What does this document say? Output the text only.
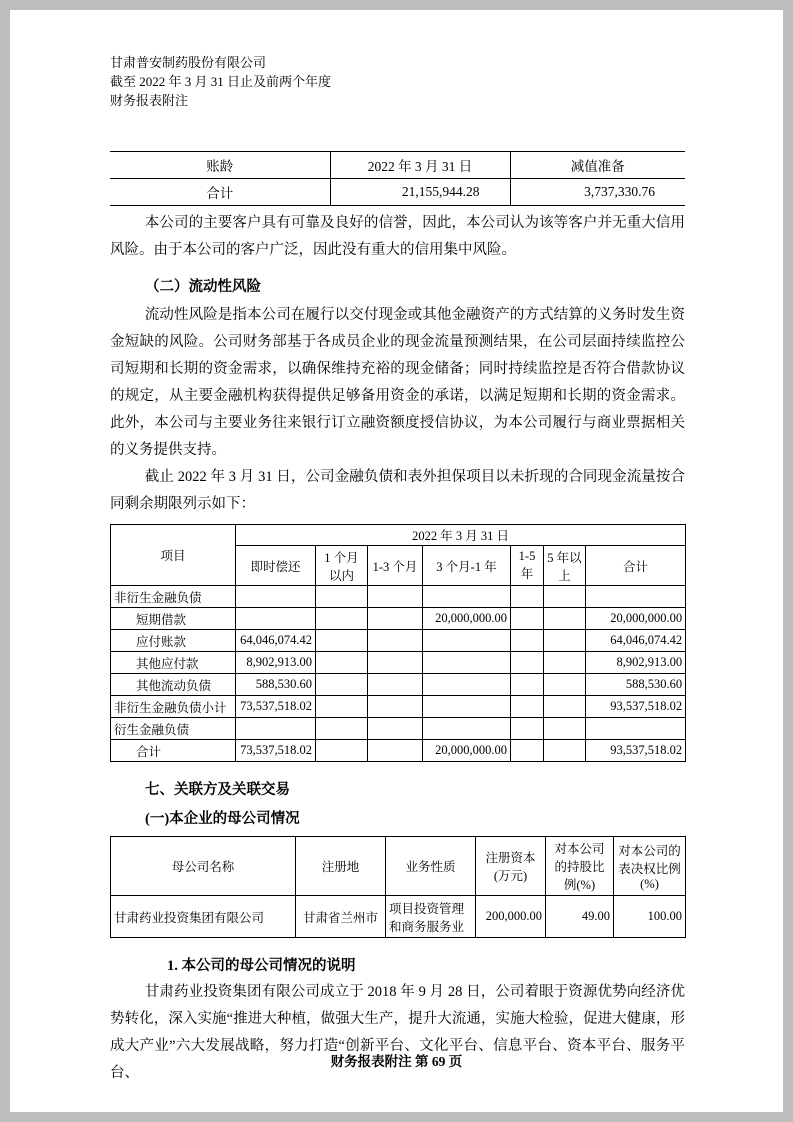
甘肃普安制药股份有限公司
截至 2022 年 3 月 31 日止及前两个年度
财务报表附注
账龄	2022 年 3 月 31 日	减值准备
合计	21,155,944.28	3,737,330.76

本公司的主要客户具有可靠及良好的信誉，因此，本公司认为该等客户并无重大信用风险。由于本公司的客户广泛，因此没有重大的信用集中风险。

（二）流动性风险

流动性风险是指本公司在履行以交付现金或其他金融资产的方式结算的义务时发生资金短缺的风险。公司财务部基于各成员企业的现金流量预测结果，在公司层面持续监控公司短期和长期的资金需求，以确保维持充裕的现金储备；同时持续监控是否符合借款协议的规定，从主要金融机构获得提供足够备用资金的承诺，以满足短期和长期的资金需求。此外，本公司与主要业务往来银行订立融资额度授信协议，为本公司履行与商业票据相关的义务提供支持。

截止 2022 年 3 月 31 日，公司金融负债和表外担保项目以未折现的合同现金流量按合同剩余期限列示如下：

项目	2022 年 3 月 31 日						
	即时偿还	1 个月以内	1-3 个月	3 个月-1 年	1-5 年	5 年以上	合计
非衍生金融负债							
短期借款				20,000,000.00			20,000,000.00
应付账款	64,046,074.42						64,046,074.42
其他应付款	8,902,913.00						8,902,913.00
其他流动负债	588,530.60						588,530.60
非衍生金融负债小计	73,537,518.02						93,537,518.02
衍生金融负债							
合计	73,537,518.02			20,000,000.00			93,537,518.02
七、关联方及关联交易
(一)本企业的母公司情况
母公司名称	注册地	业务性质	注册资本(万元)	对本公司的持股比例(%)	对本公司的表决权比例(%)
甘肃药业投资集团有限公司	甘肃省兰州市	项目投资管理和商务服务业	200,000.00	49.00	100.00
1. 本公司的母公司情况的说明

甘肃药业投资集团有限公司成立于 2018 年 9 月 28 日，公司着眼于资源优势向经济优势转化，深入实施“推进大种植，做强大生产，提升大流通，实施大检验，促进大健康，形成大产业”六大发展战略，努力打造“创新平台、文化平台、信息平台、资本平台、服务平台、

财务报表附注 第 69 页
